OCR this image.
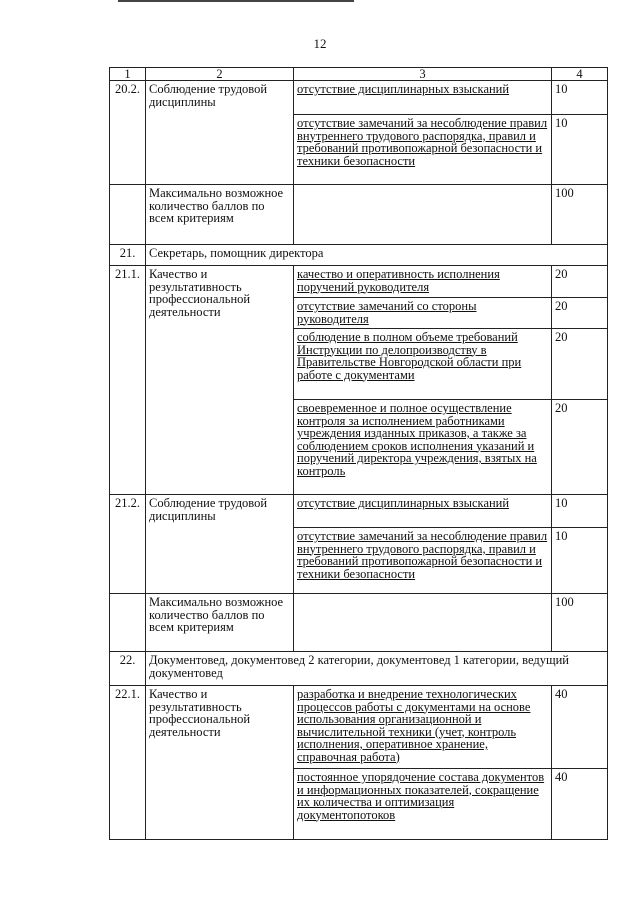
12
1	2	3	4
20.2.	Соблюдение трудовой дисциплины	отсутствие дисциплинарных взысканий	10
		отсутствие замечаний за несоблюдение правил внутреннего трудового распорядка, правил и требований противопожарной безопасности и техники безопасности	10
	Максимально возможное количество баллов по всем критериям		100
21.	Секретарь, помощник директора		
21.1.	Качество и результативность профессиональной деятельности	качество и оперативность исполнения поручений руководителя	20
		отсутствие замечаний со стороны руководителя	20
		соблюдение в полном объеме требований Инструкции по делопроизводству в Правительстве Новгородской области при работе с документами	20
		своевременное и полное осуществление контроля за исполнением работниками учреждения изданных приказов, а также за соблюдением сроков исполнения указаний и поручений директора учреждения, взятых на контроль	20
21.2.	Соблюдение трудовой дисциплины	отсутствие дисциплинарных взысканий	10
		отсутствие замечаний за несоблюдение правил внутреннего трудового распорядка, правил и требований противопожарной безопасности и техники безопасности	10
	Максимально возможное количество баллов по всем критериям		100
22.	Документовед, документовед 2 категории, документовед 1 категории, ведущий документовед		
22.1.	Качество и результативность профессиональной деятельности	разработка и внедрение технологических процессов работы с документами на основе использования организационной и вычислительной техники (учет, контроль исполнения, оперативное хранение, справочная работа)	40
		постоянное упорядочение состава документов и информационных показателей, сокращение их количества и оптимизация документопотоков	40
